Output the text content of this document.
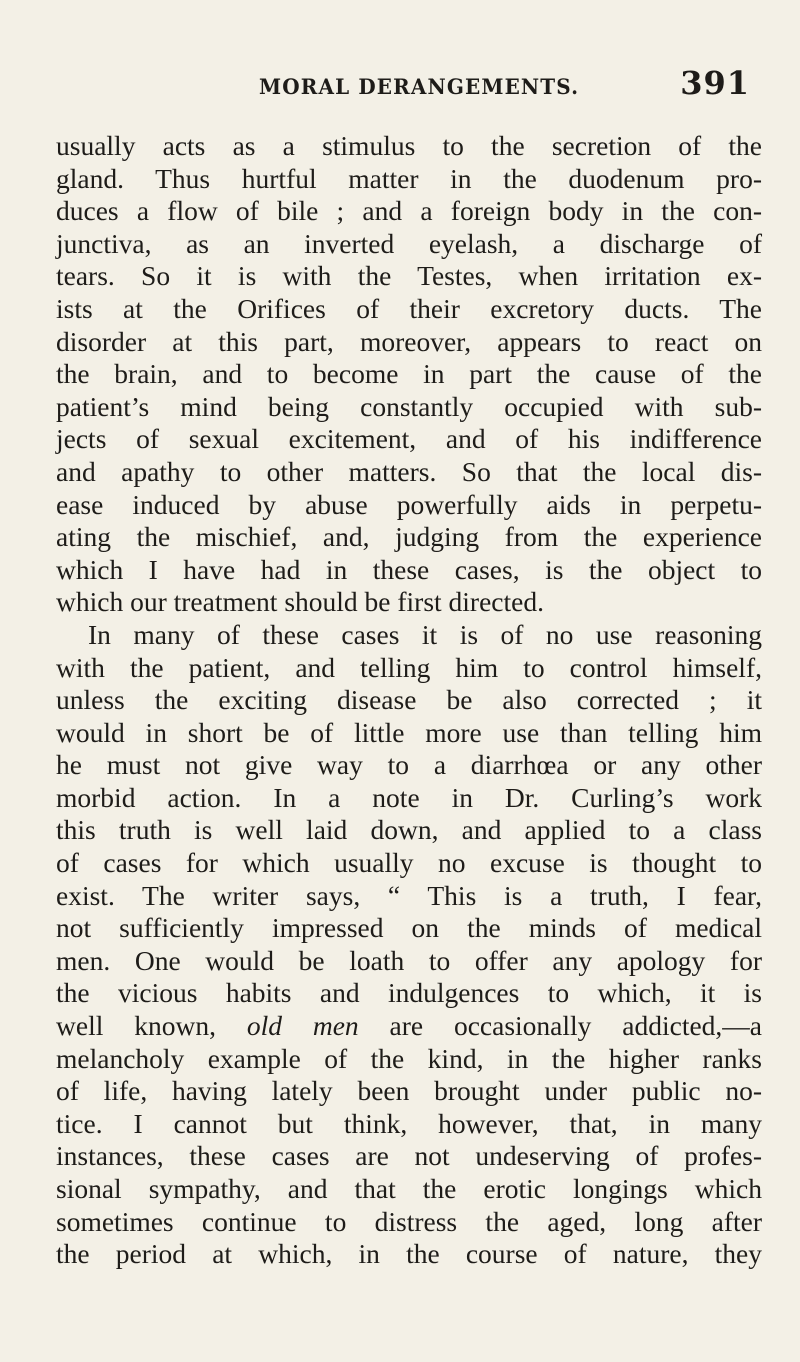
MORAL DERANGEMENTS.	391
usually acts as a stimulus to the secretion of the
gland. Thus hurtful matter in the duodenum pro-
duces a flow of bile ; and a foreign body in the con-
junctiva, as an inverted eyelash, a discharge of
tears. So it is with the Testes, when irritation ex-
ists at the Orifices of their excretory ducts. The
disorder at this part, moreover, appears to react on
the brain, and to become in part the cause of the
patient’s mind being constantly occupied with sub-
jects of sexual excitement, and of his indifference
and apathy to other matters. So that the local dis-
ease induced by abuse powerfully aids in perpetu-
ating the mischief, and, judging from the experience
which I have had in these cases, is the object to
which our treatment should be first directed.
In many of these cases it is of no use reasoning
with the patient, and telling him to control himself,
unless the exciting disease be also corrected ; it
would in short be of little more use than telling him
he must not give way to a diarrhœa or any other
morbid action. In a note in Dr. Curling’s work
this truth is well laid down, and applied to a class
of cases for which usually no excuse is thought to
exist. The writer says, “ This is a truth, I fear,
not sufficiently impressed on the minds of medical
men. One would be loath to offer any apology for
the vicious habits and indulgences to which, it is
well known, old men are occasionally addicted,—a
melancholy example of the kind, in the higher ranks
of life, having lately been brought under public no-
tice. I cannot but think, however, that, in many
instances, these cases are not undeserving of profes-
sional sympathy, and that the erotic longings which
sometimes continue to distress the aged, long after
the period at which, in the course of nature, they
